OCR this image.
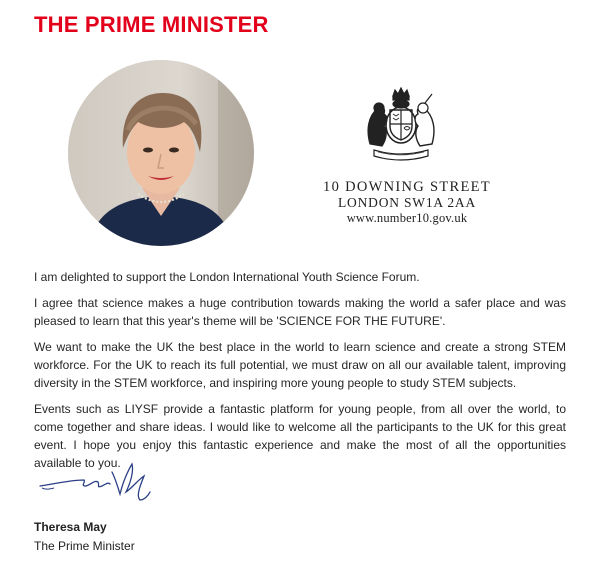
THE PRIME MINISTER
10 DOWNING STREET
LONDON SW1A 2AA
www.number10.gov.uk

I am delighted to support the London International Youth Science Forum.

I agree that science makes a huge contribution towards making the world a safer place and was pleased to learn that this year's theme will be 'SCIENCE FOR THE FUTURE'.

We want to make the UK the best place in the world to learn science and create a strong STEM workforce. For the UK to reach its full potential, we must draw on all our available talent, improving diversity in the STEM workforce, and inspiring more young people to study STEM subjects.

Events such as LIYSF provide a fantastic platform for young people, from all over the world, to come together and share ideas. I would like to welcome all the participants to the UK for this great event. I hope you enjoy this fantastic experience and make the most of all the opportunities available to you.

Theresa May
The Prime Minister
